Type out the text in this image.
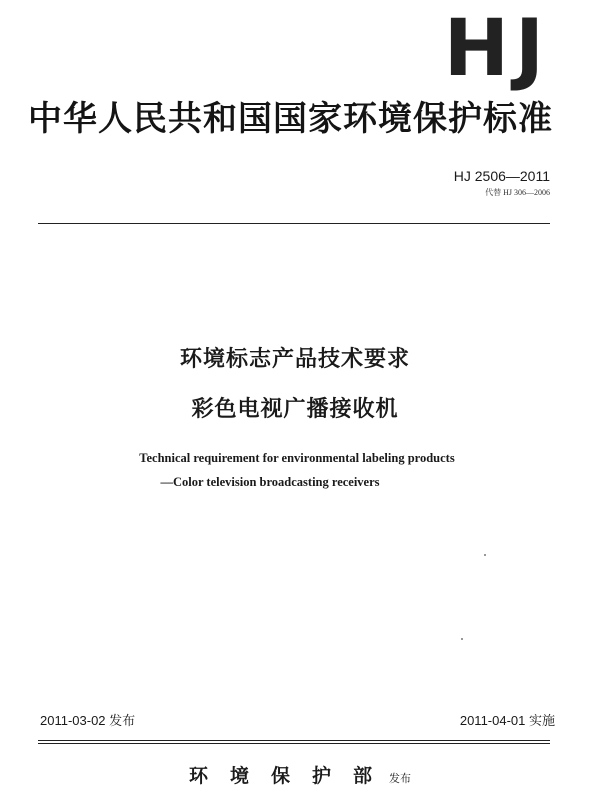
HJ
中华人民共和国国家环境保护标准
HJ 2506—2011
代替 HJ 306—2006
环境标志产品技术要求
彩色电视广播接收机
Technical requirement for environmental labeling products
—Color television broadcasting receivers
2011-03-02 发布	2011-04-01 实施
环境保护部 发布
